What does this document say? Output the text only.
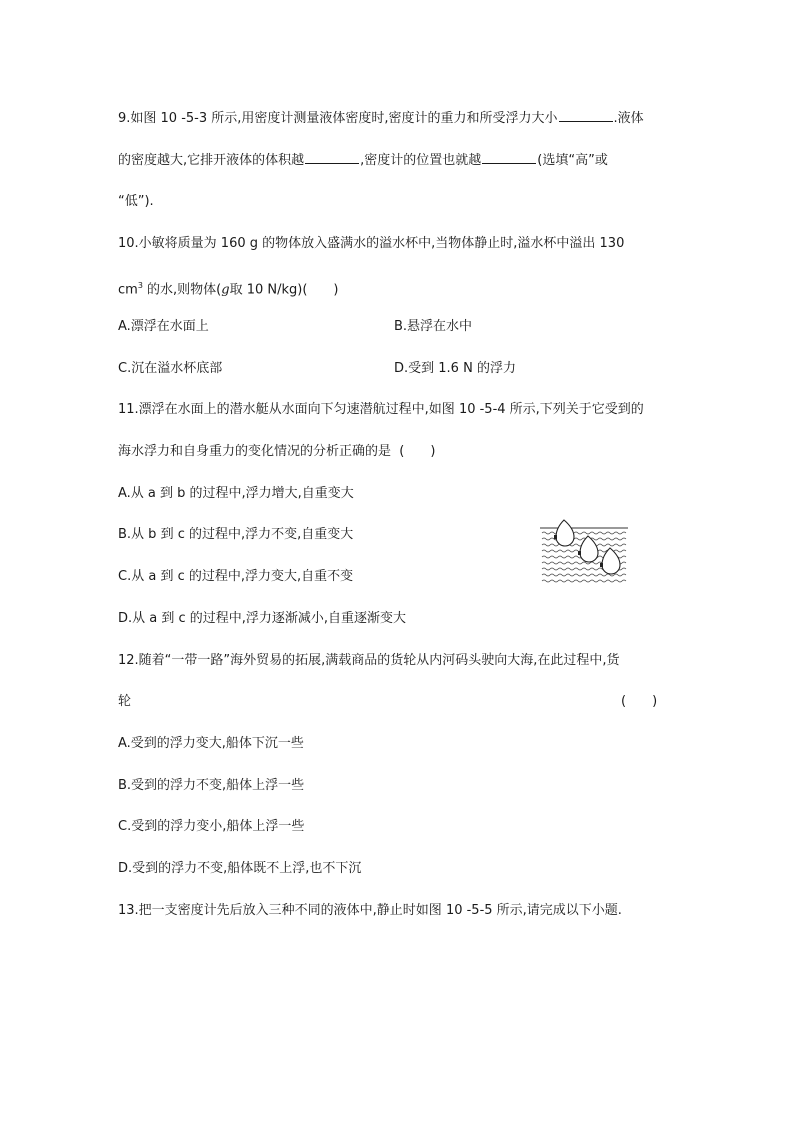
9.如图 10 -5-3 所示,用密度计测量液体密度时,密度计的重力和所受浮力大小	.液体
的密度越大,它排开液体的体积越	,密度计的位置也就越	(选填“高”或
“低”).
10.小敏将质量为 160 g 的物体放入盛满水的溢水杯中,当物体静止时,溢水杯中溢出 130
$cm^3$ 的水,则物体(g取 10 N/kg)(　　)
A.漂浮在水面上	B.悬浮在水中
C.沉在溢水杯底部	D.受到 1.6 N 的浮力
11.漂浮在水面上的潜水艇从水面向下匀速潜航过程中,如图 10 -5-4 所示,下列关于它受到的
海水浮力和自身重力的变化情况的分析正确的是  (　　)
A.从 a 到 b 的过程中,浮力增大,自重变大
B.从 b 到 c 的过程中,浮力不变,自重变大
C.从 a 到 c 的过程中,浮力变大,自重不变
D.从 a 到 c 的过程中,浮力逐渐减小,自重逐渐变大
12.随着“一带一路”海外贸易的拓展,满载商品的货轮从内河码头驶向大海,在此过程中,货
轮	(　　)
A.受到的浮力变大,船体下沉一些
B.受到的浮力不变,船体上浮一些
C.受到的浮力变小,船体上浮一些
D.受到的浮力不变,船体既不上浮,也不下沉
13.把一支密度计先后放入三种不同的液体中,静止时如图 10 -5-5 所示,请完成以下小题.
